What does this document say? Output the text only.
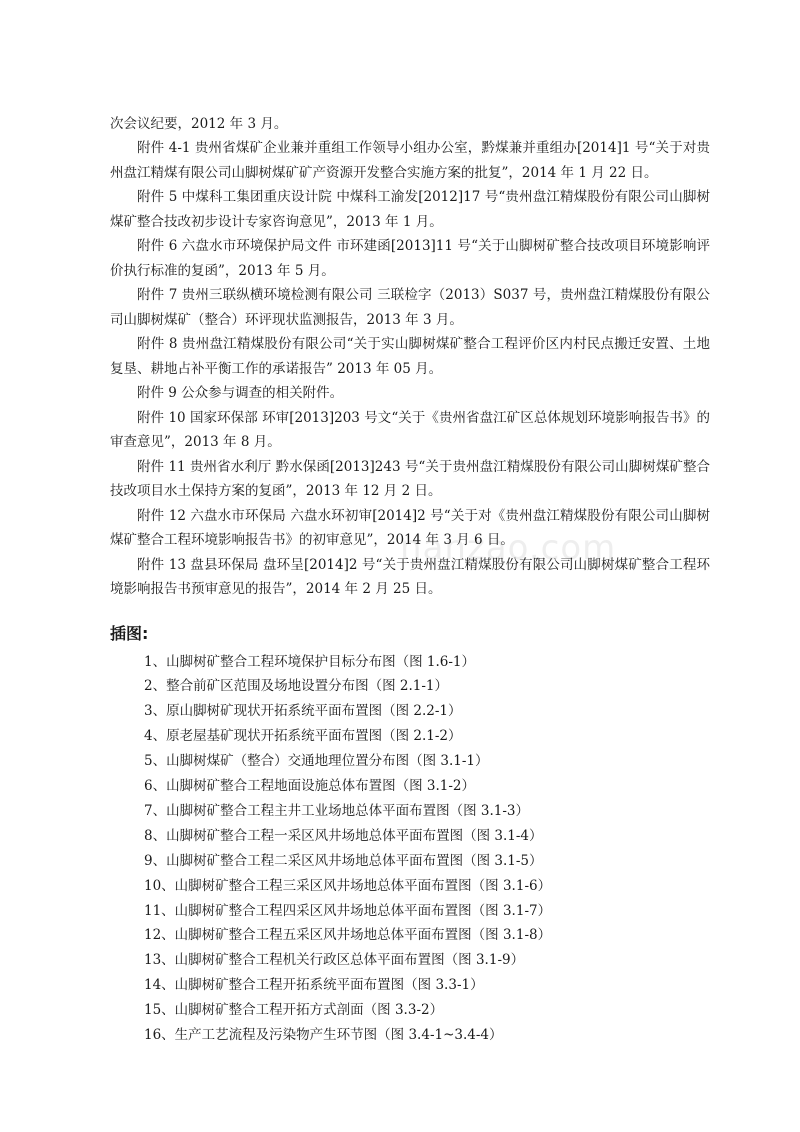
nanzao.com

次会议纪要，2012 年 3 月。

附件 4-1 贵州省煤矿企业兼并重组工作领导小组办公室，黔煤兼并重组办[2014]1 号“关于对贵州盘江精煤有限公司山脚树煤矿矿产资源开发整合实施方案的批复”，2014 年 1 月 22 日。

附件 5 中煤科工集团重庆设计院 中煤科工渝发[2012]17 号“贵州盘江精煤股份有限公司山脚树煤矿整合技改初步设计专家咨询意见”，2013 年 1 月。

附件 6 六盘水市环境保护局文件 市环建函[2013]11 号“关于山脚树矿整合技改项目环境影响评价执行标准的复函”，2013 年 5 月。

附件 7 贵州三联纵横环境检测有限公司 三联检字（2013）S037 号，贵州盘江精煤股份有限公司山脚树煤矿（整合）环评现状监测报告，2013 年 3 月。

附件 8 贵州盘江精煤股份有限公司“关于实山脚树煤矿整合工程评价区内村民点搬迁安置、土地复垦、耕地占补平衡工作的承诺报告” 2013 年 05 月。

附件 9 公众参与调查的相关附件。

附件 10 国家环保部 环审[2013]203 号文“关于《贵州省盘江矿区总体规划环境影响报告书》的审查意见”，2013 年 8 月。

附件 11 贵州省水利厅 黔水保函[2013]243 号“关于贵州盘江精煤股份有限公司山脚树煤矿整合技改项目水土保持方案的复函”，2013 年 12 月 2 日。

附件 12 六盘水市环保局 六盘水环初审[2014]2 号“关于对《贵州盘江精煤股份有限公司山脚树煤矿整合工程环境影响报告书》的初审意见”，2014 年 3 月 6 日。

附件 13 盘县环保局 盘环呈[2014]2 号“关于贵州盘江精煤股份有限公司山脚树煤矿整合工程环境影响报告书预审意见的报告”，2014 年 2 月 25 日。

插图:
1、山脚树矿整合工程环境保护目标分布图（图 1.6-1）
2、整合前矿区范围及场地设置分布图（图 2.1-1）
3、原山脚树矿现状开拓系统平面布置图（图 2.2-1）
4、原老屋基矿现状开拓系统平面布置图（图 2.1-2）
5、山脚树煤矿（整合）交通地理位置分布图（图 3.1-1）
6、山脚树矿整合工程地面设施总体布置图（图 3.1-2）
7、山脚树矿整合工程主井工业场地总体平面布置图（图 3.1-3）
8、山脚树矿整合工程一采区风井场地总体平面布置图（图 3.1-4）
9、山脚树矿整合工程二采区风井场地总体平面布置图（图 3.1-5）
10、山脚树矿整合工程三采区风井场地总体平面布置图（图 3.1-6）
11、山脚树矿整合工程四采区风井场地总体平面布置图（图 3.1-7）
12、山脚树矿整合工程五采区风井场地总体平面布置图（图 3.1-8）
13、山脚树矿整合工程机关行政区总体平面布置图（图 3.1-9）
14、山脚树矿整合工程开拓系统平面布置图（图 3.3-1）
15、山脚树矿整合工程开拓方式剖面（图 3.3-2）
16、生产工艺流程及污染物产生环节图（图 3.4-1~3.4-4）
